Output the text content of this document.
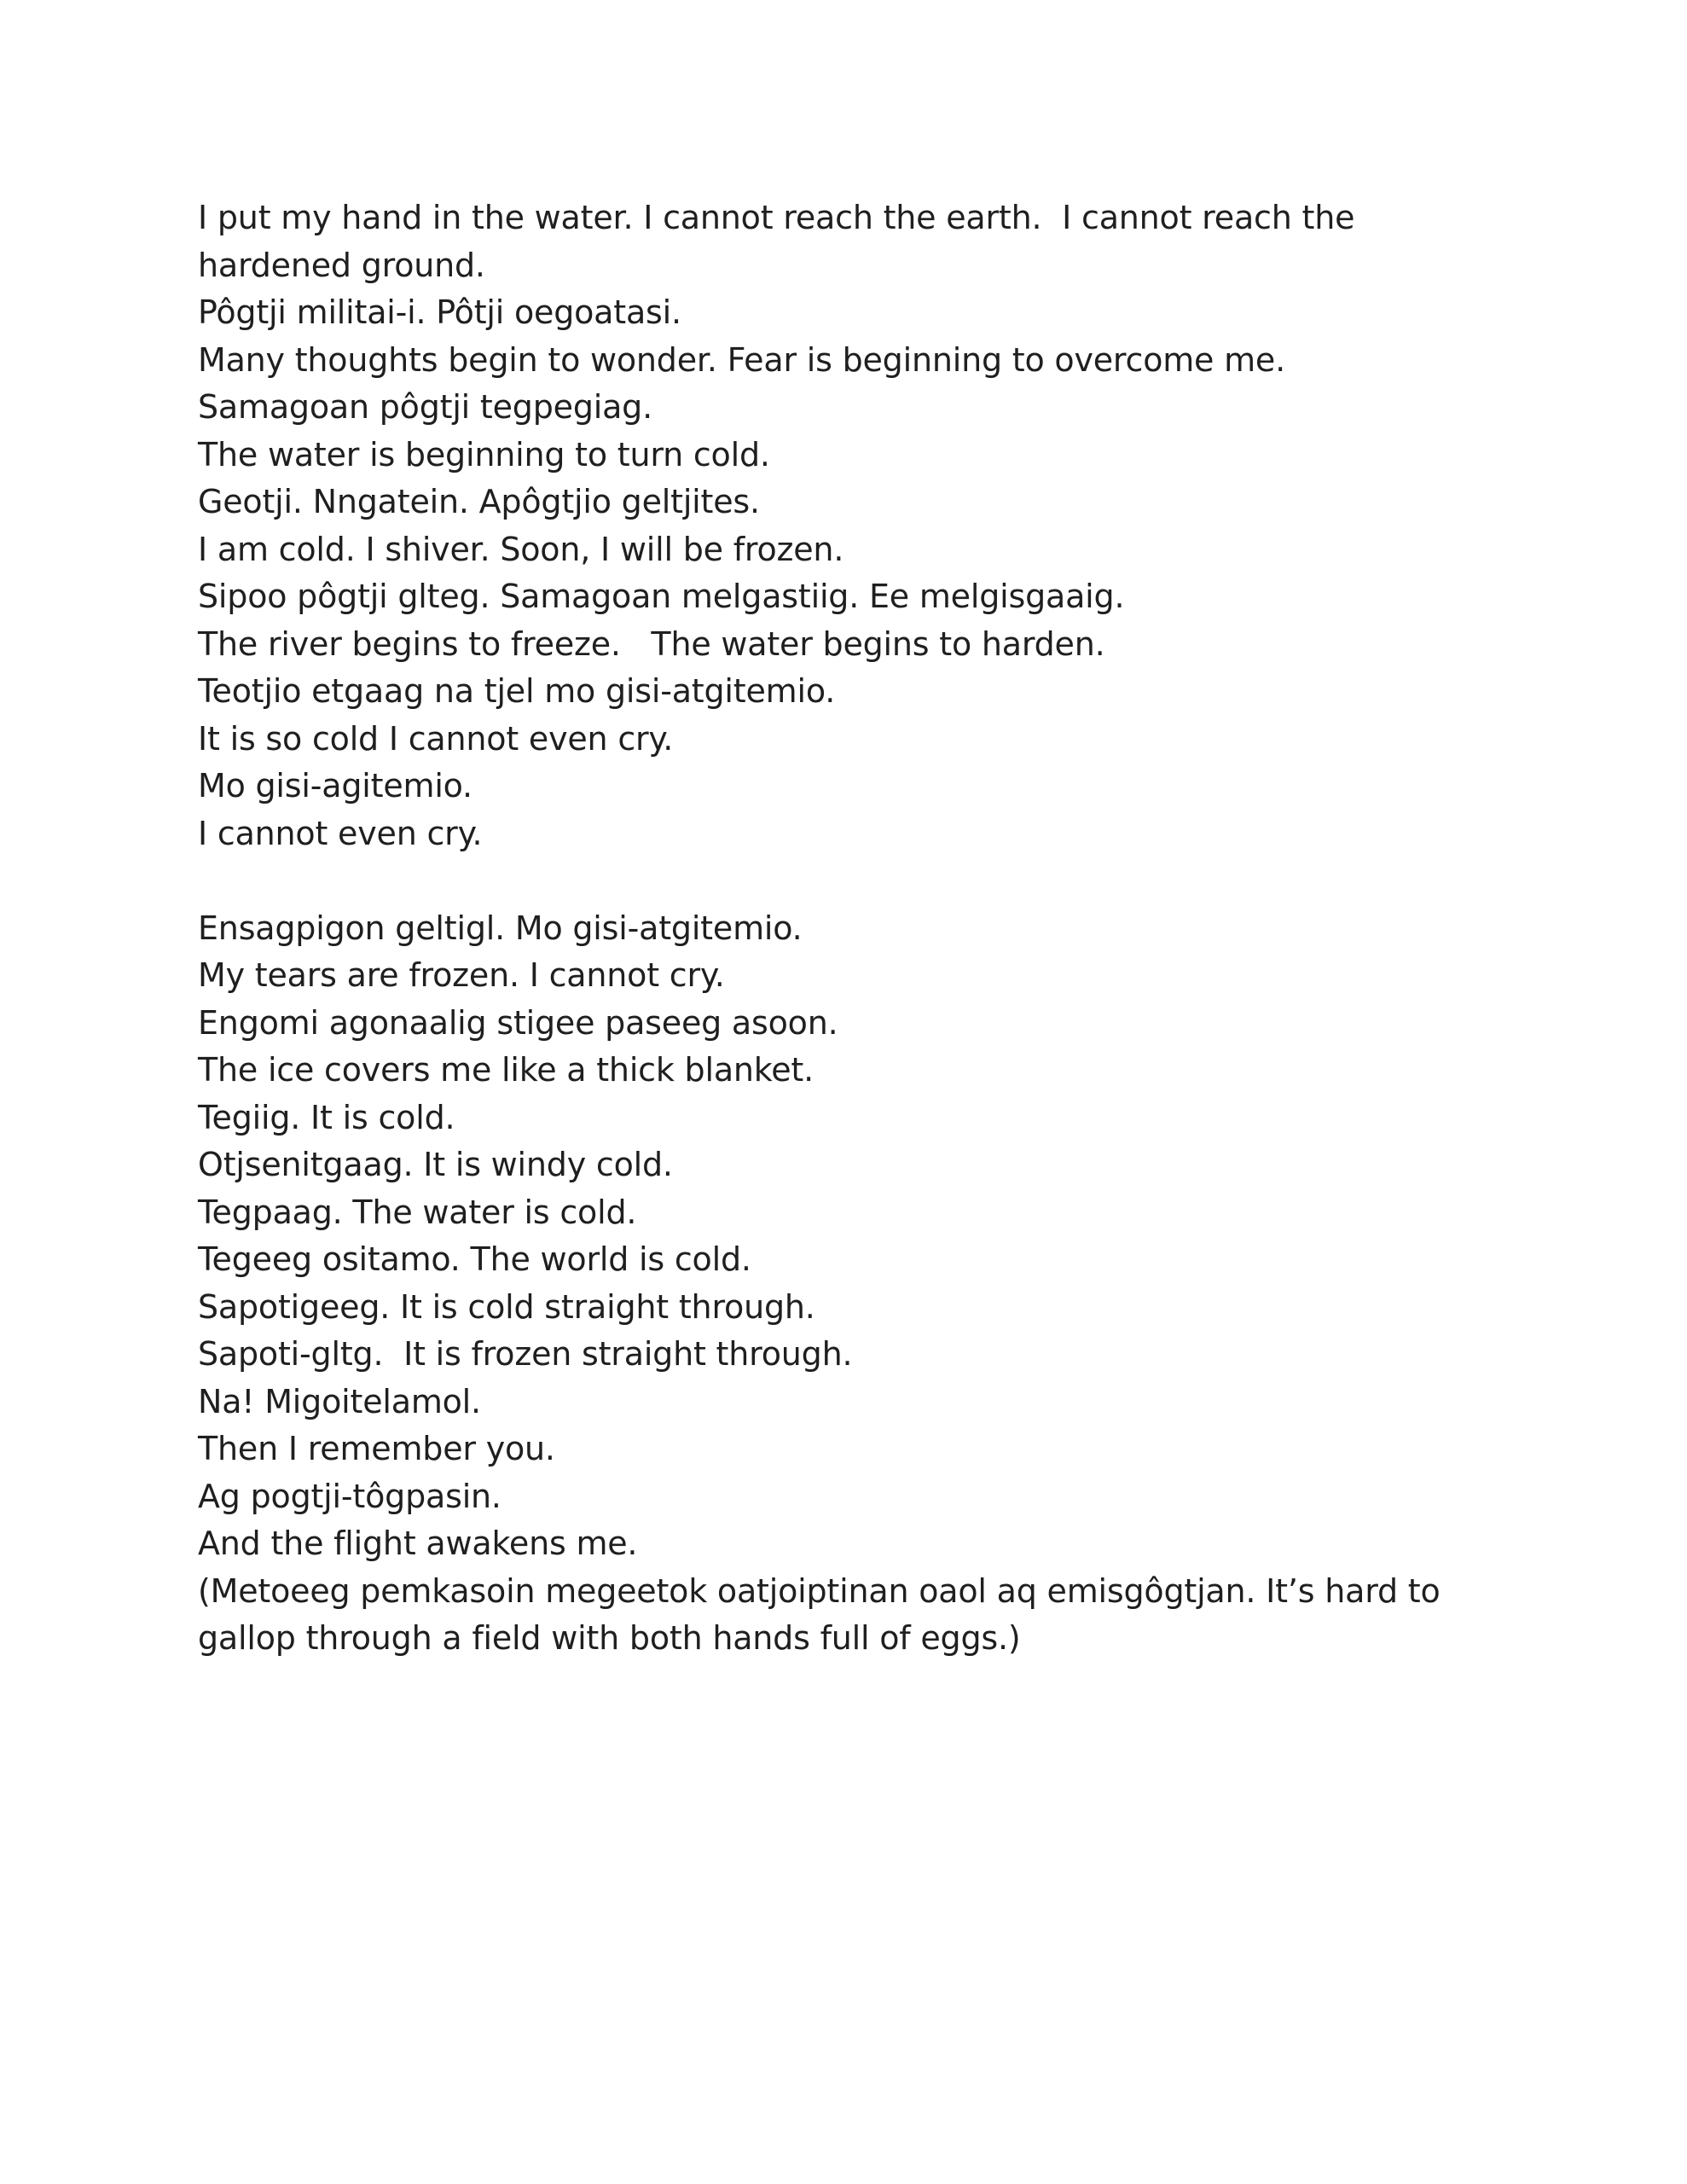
I put my hand in the water. I cannot reach the earth.  I cannot reach the hardened ground.
Pôgtji militai-i. Pôtji oegoatasi.
Many thoughts begin to wonder. Fear is beginning to overcome me.
Samagoan pôgtji tegpegiag.
The water is beginning to turn cold.
Geotji. Nngatein. Apôgtjio geltjites.
I am cold. I shiver. Soon, I will be frozen.
Sipoo pôgtji glteg. Samagoan melgastiig. Ee melgisgaaig.
The river begins to freeze.   The water begins to harden.
Teotjio etgaag na tjel mo gisi-atgitemio.
It is so cold I cannot even cry.
Mo gisi-agitemio.
I cannot even cry.
Ensagpigon geltigl. Mo gisi-atgitemio.
My tears are frozen. I cannot cry.
Engomi agonaalig stigee paseeg asoon.
The ice covers me like a thick blanket.
Tegiig. It is cold.
Otjsenitgaag. It is windy cold.
Tegpaag. The water is cold.
Tegeeg ositamo. The world is cold.
Sapotigeeg. It is cold straight through.
Sapoti-gltg.  It is frozen straight through.
Na! Migoitelamol.
Then I remember you.
Ag pogtji-tôgpasin.
And the flight awakens me.
(Metoeeg pemkasoin megeetok oatjoiptinan oaol aq emisgôgtjan. It’s hard to gallop through a field with both hands full of eggs.)
